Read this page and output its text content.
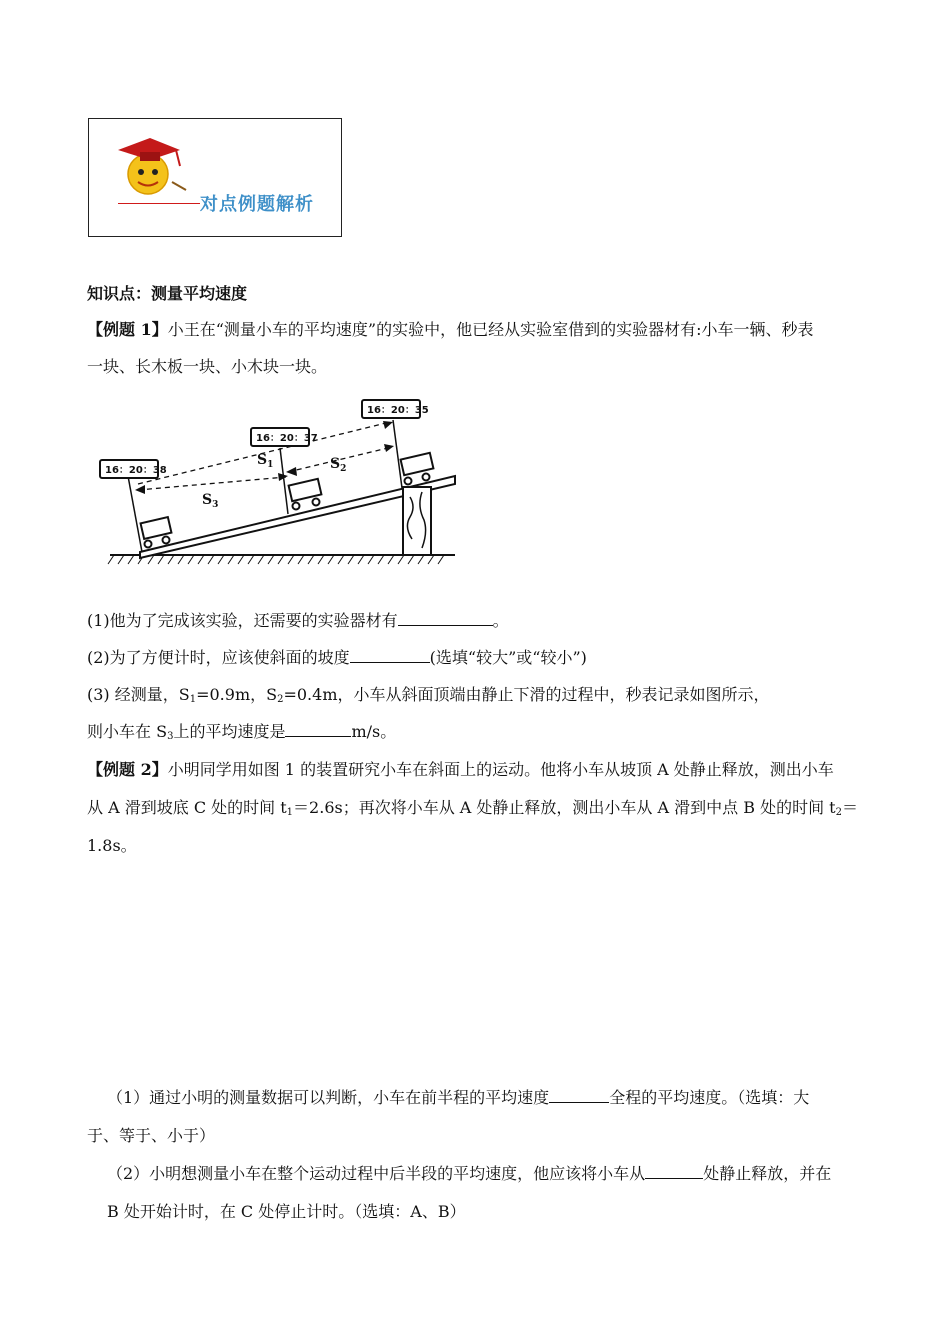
对点例题解析
知识点：测量平均速度
【例题 1】小王在“测量小车的平均速度”的实验中，他已经从实验室借到的实验器材有:小车一辆、秒表
一块、长木板一块、小木块一块。
$S_1$	$S_2$
$S_3$
16：20：38
16：20：37
16：20：35
(1)他为了完成该实验，还需要的实验器材有	。
(2)为了方便计时，应该使斜面的坡度	(选填“较大”或“较小”)
(3) 经测量，$S_1=0.9m$，$S_2=0.4m$，小车从斜面顶端由静止下滑的过程中，秒表记录如图所示，
则小车在 $S_3$上的平均速度是	m/s。
【例题 2】小明同学用如图 1 的装置研究小车在斜面上的运动。他将小车从坡顶 A 处静止释放，测出小车
从 A 滑到坡底 C 处的时间 $t_1=2.6s$；再次将小车从 A 处静止释放，测出小车从 A 滑到中点 B 处的时间 $t_2=$
1.8s。
（1）通过小明的测量数据可以判断，小车在前半程的平均速度	全程的平均速度。（选填：大
于、等于、小于）
（2）小明想测量小车在整个运动过程中后半段的平均速度，他应该将小车从	处静止释放，并在
B 处开始计时，在 C 处停止计时。（选填：A、B）
